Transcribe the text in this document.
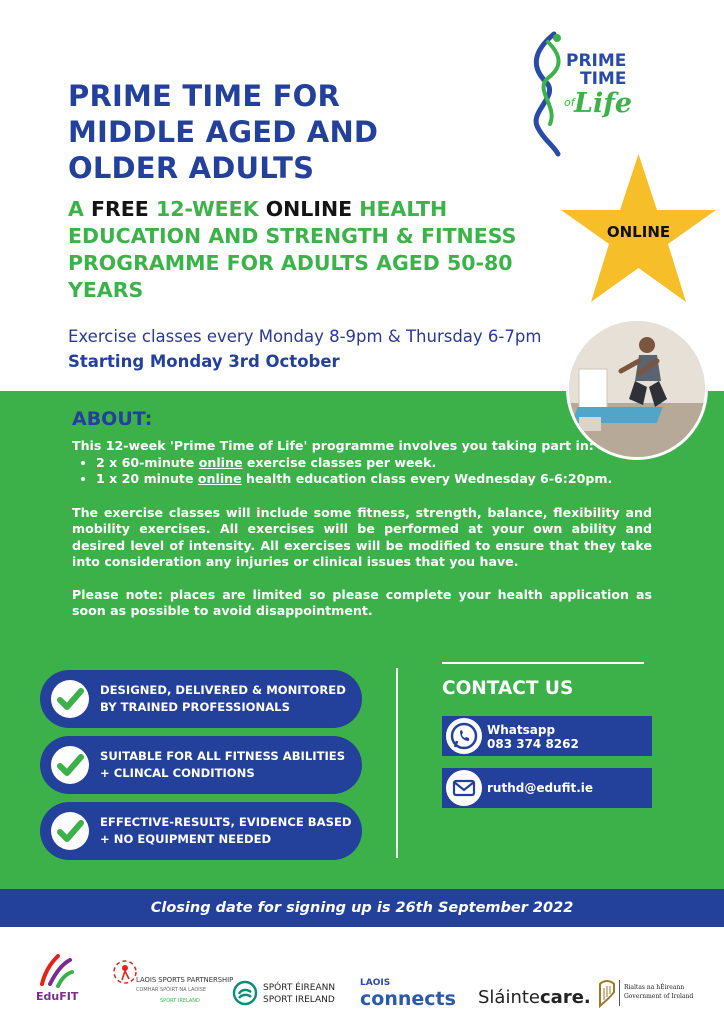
PRIME TIME FOR
MIDDLE AGED AND
OLDER ADULTS
A FREE 12-WEEK ONLINE HEALTH
EDUCATION AND STRENGTH & FITNESS
PROGRAMME FOR ADULTS AGED 50-80
YEARS
Exercise classes every Monday 8-9pm & Thursday 6-7pm
Starting Monday 3rd October
PRIME
TIME
of Life
ONLINE
ABOUT:
This 12-week 'Prime Time of Life' programme involves you taking part in:
• 2 x 60-minute online exercise classes per week.
• 1 x 20 minute online health education class every Wednesday 6-6:20pm.
The exercise classes will include some fitness, strength, balance, flexibility and mobility exercises. All exercises will be performed at your own ability and desired level of intensity. All exercises will be modified to ensure that they take into consideration any injuries or clinical issues that you have.
Please note: places are limited so please complete your health application as soon as possible to avoid disappointment.
DESIGNED, DELIVERED & MONITORED
BY TRAINED PROFESSIONALS
SUITABLE FOR ALL FITNESS ABILITIES
+ CLINCAL CONDITIONS
EFFECTIVE-RESULTS, EVIDENCE BASED
+ NO EQUIPMENT NEEDED
CONTACT US
Whatsapp
083 374 8262
ruthd@edufit.ie
Closing date for signing up is 26th September 2022
EduFIT
LAOIS SPORTS PARTNERSHIP
COMHAR SPÓIRT NA LAOISE
SPORT IRELAND
SPÓRT ÉIREANN
SPORT IRELAND
LAOIS
connects Sláintecare.	Rialtas na hÉireann
Government of Ireland
